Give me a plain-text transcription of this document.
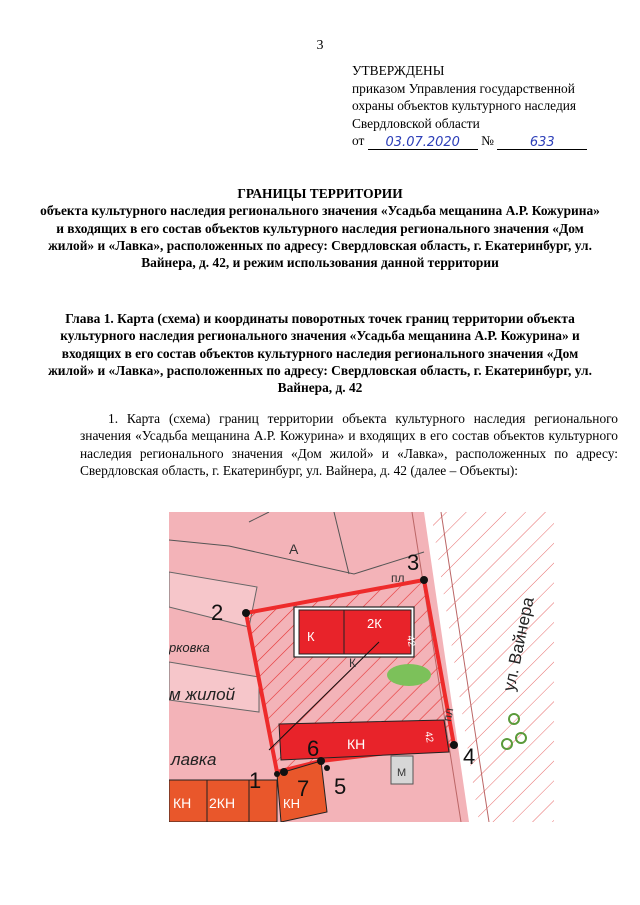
3
УТВЕРЖДЕНЫ
приказом Управления государственной
охраны объектов культурного наследия
Свердловской области
от 03.07.2020 №	633
ГРАНИЦЫ ТЕРРИТОРИИ
объекта культурного наследия регионального значения «Усадьба мещанина А.Р. Кожурина» и входящих в его состав объектов культурного наследия регионального значения «Дом жилой» и «Лавка», расположенных по адресу: Свердловская область, г. Екатеринбург, ул. Вайнера, д. 42, и режим использования данной территории
Глава 1. Карта (схема) и координаты поворотных точек границ территории объекта культурного наследия регионального значения «Усадьба мещанина А.Р. Кожурина» и входящих в его состав объектов культурного наследия регионального значения «Дом жилой» и «Лавка», расположенных по адресу: Свердловская область, г. Екатеринбург, ул. Вайнера, д. 42
1. Карта (схема) границ территории объекта культурного наследия регионального значения «Усадьба мещанина А.Р. Кожурина» и входящих в его состав объектов культурного наследия регионального значения «Дом жилой» и «Лавка», расположенных по адресу: Свердловская область, г. Екатеринбург, ул. Вайнера, д. 42 (далее – Объекты):
А
К
2К
К
КН
М
КН 2КН	КН
42
42
пл
пл
рковка
м жилой
лавка
ул. Вайнера
1
2
3
4
5
6
7
